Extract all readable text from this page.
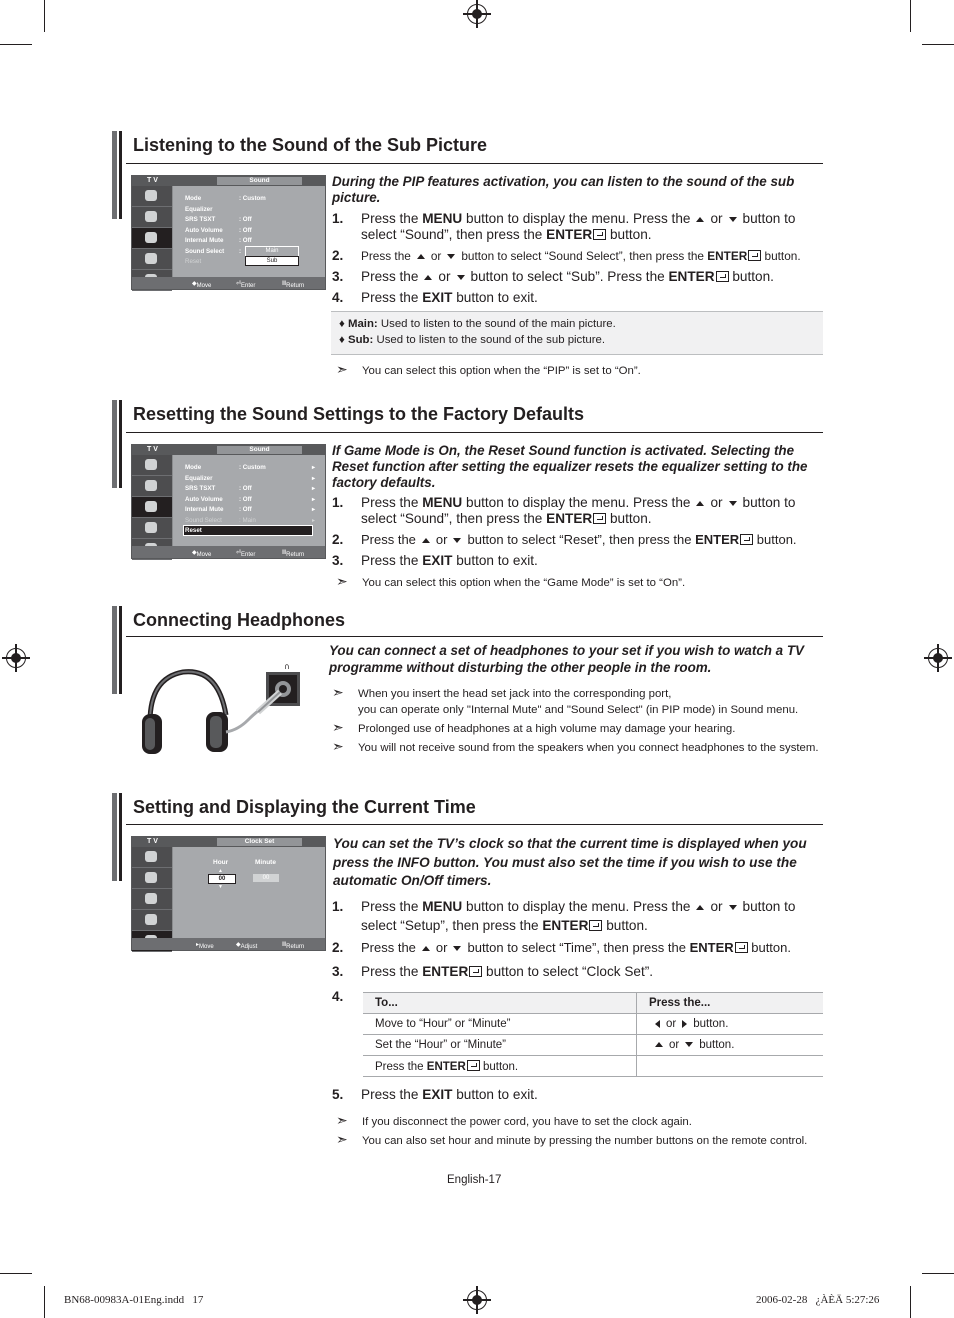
Listening to the Sound of the Sub Picture
T V	Sound
Mode	: Custom
Equalizer
SRS TSXT	: Off
Auto Volume	: Off
Internal Mute : Off
Sound Select :
Reset
Main
Sub
◆ Move	⏎ Enter	Ⅲ Return
During the PIP features activation, you can listen to the sound of the sub picture.
1.	Press the MENU button to display the menu. Press the or button to select “Sound”, then press the ENTER button.
2.	Press the or button to select “Sound Select”, then press the ENTER button.
3.	Press the or button to select “Sub”. Press the ENTER button.
4.	Press the EXIT button to exit.
♦ Main: Used to listen to the sound of the main picture.
♦ Sub: Used to listen to the sound of the sub picture.
➣ You can select this option when the “PIP” is set to “On”.
Resetting the Sound Settings to the Factory Defaults
T V	Sound
Mode	: Custom	▸
Equalizer	▸
SRS TSXT	: Off	▸
Auto Volume	: Off	▸
Internal Mute : Off	▸
Sound Select	: Main	▸
Reset
◆ Move	⏎ Enter	Ⅲ Return
If Game Mode is On, the Reset Sound function is activated. Selecting the Reset function after setting the equalizer resets the equalizer setting to the factory defaults.
1.	Press the MENU button to display the menu. Press the or button to select “Sound”, then press the ENTER button.
2.	Press the or button to select “Reset”, then press the ENTER button.
3.	Press the EXIT button to exit.
➣ You can select this option when the “Game Mode” is set to “On”.
Connecting Headphones
∩
You can connect a set of headphones to your set if you wish to watch a TV programme without disturbing the other people in the room.
➣ When you insert the head set jack into the corresponding port,
you can operate only "Internal Mute" and "Sound Select" (in PIP mode) in Sound menu.
➣ Prolonged use of headphones at a high volume may damage your hearing.
➣ You will not receive sound from the speakers when you connect headphones to the system.
Setting and Displaying the Current Time
T V	Clock Set
Hour	Minute
▲
00	00
▼
▸ Move	◆ Adjust	Ⅲ Return
You can set the TV’s clock so that the current time is displayed when you press the INFO button. You must also set the time if you wish to use the automatic On/Off timers.
1.	Press the MENU button to display the menu. Press the or button to select “Setup”, then press the ENTER button.
2.	Press the or button to select “Time”, then press the ENTER button.
3.	Press the ENTER button to select “Clock Set”.
4.	To...	Press the...
Move to “Hour” or “Minute”	or button.
Set the “Hour” or “Minute”	or button.
Press the ENTER button.	
5.	Press the EXIT button to exit.
➣ If you disconnect the power cord, you have to set the clock again.
➣ You can also set hour and minute by pressing the number buttons on the remote control.
English-17
BN68-00983A-01Eng.indd   17	2006-02-28   ¿ÀÈÄ 5:27:26
